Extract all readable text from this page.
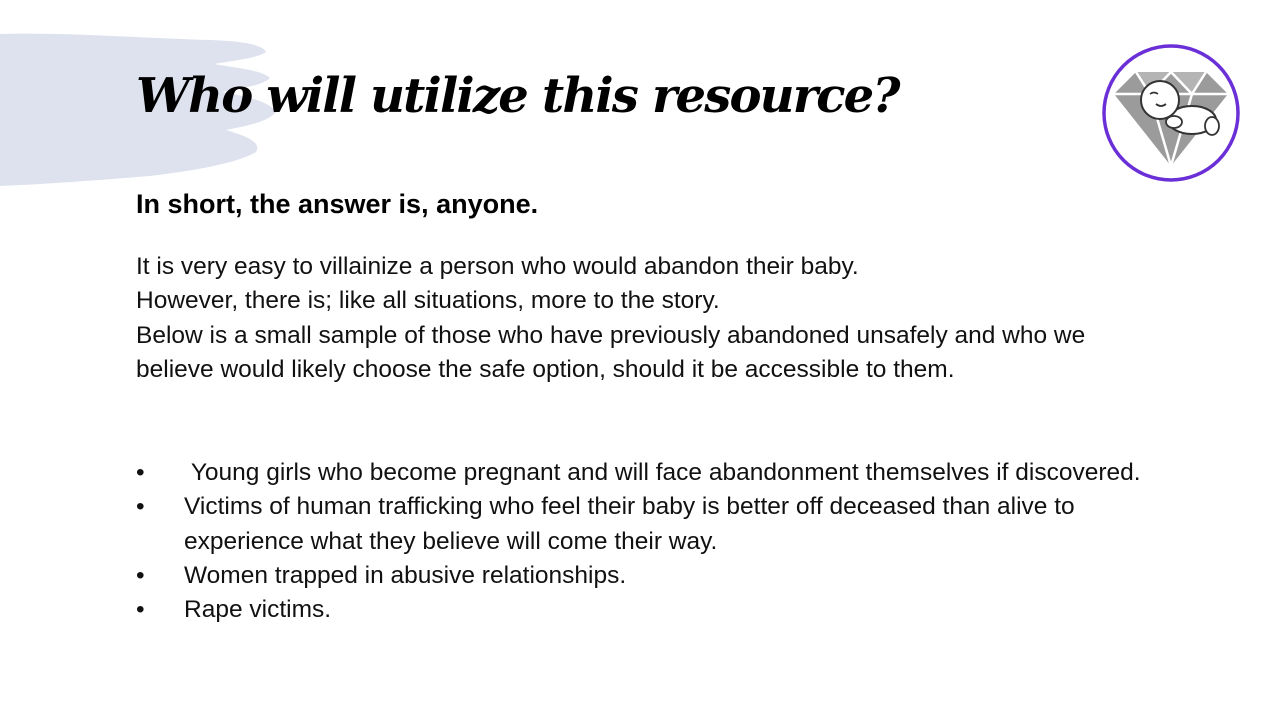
Who will utilize this resource?
In short, the answer is, anyone.

It is very easy to villainize a person who would abandon their baby.

However, there is; like all situations, more to the story.

Below is a small sample of those who have previously abandoned unsafely and who we believe would likely choose the safe option, should it be accessible to them.

•	Young girls who become pregnant and will face abandonment themselves if discovered.
•	Victims of human trafficking who feel their baby is better off deceased than alive to experience what they believe will come their way.
•	Women trapped in abusive relationships.
•	Rape victims.
